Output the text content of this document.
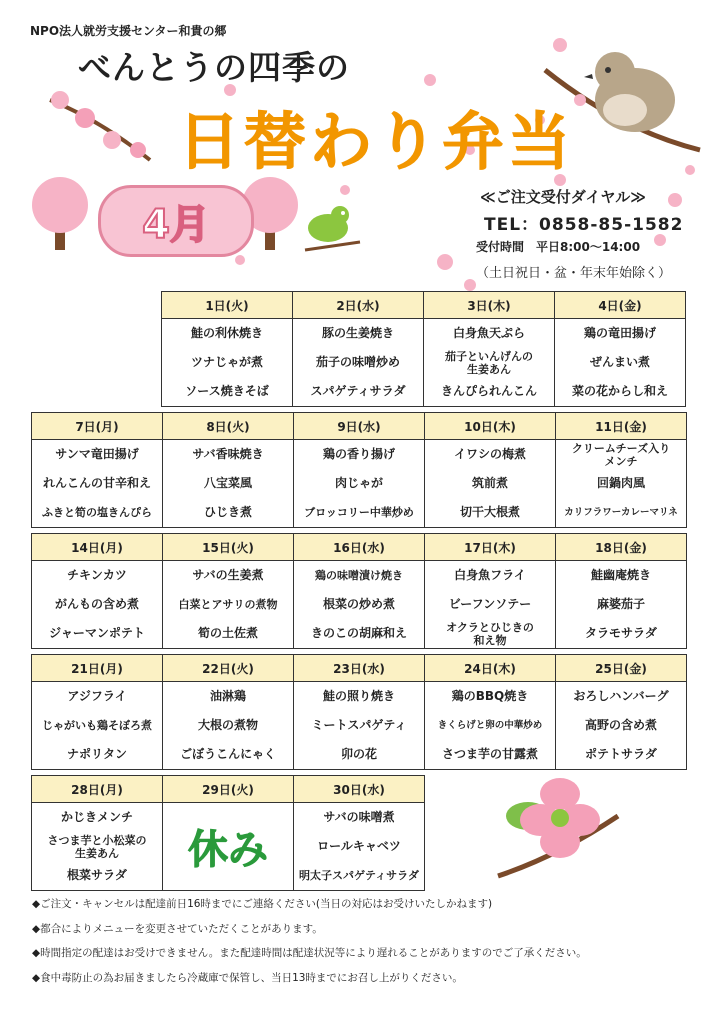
NPO法人就労支援センター和貴の郷
べんとうの四季の
日替わり弁当
4月
≪ご注文受付ダイヤル≫
TEL：0858-85-1582
受付時間　平日8:00〜14:00
（土日祝日・盆・年末年始除く）
1日(火)
鮭の利休焼き
ツナじゃが煮
ソース焼きそば
2日(水)
豚の生姜焼き
茄子の味噌炒め
スパゲティサラダ
3日(木)
白身魚天ぷら
茄子といんげんの
生姜あん
きんぴられんこん
4日(金)
鶏の竜田揚げ
ぜんまい煮
菜の花からし和え
7日(月)
サンマ竜田揚げ
れんこんの甘辛和え
ふきと筍の塩きんぴら
8日(火)
サバ香味焼き
八宝菜風
ひじき煮
9日(水)
鶏の香り揚げ
肉じゃが
ブロッコリー中華炒め
10日(木)
イワシの梅煮
筑前煮
切干大根煮
11日(金)
クリームチーズ入り
メンチ
回鍋肉風
カリフラワーカレーマリネ
14日(月)
チキンカツ
がんもの含め煮
ジャーマンポテト
15日(火)
サバの生姜煮
白菜とアサリの煮物
筍の土佐煮
16日(水)
鶏の味噌漬け焼き
根菜の炒め煮
きのこの胡麻和え
17日(木)
白身魚フライ
ビーフンソテー
オクラとひじきの
和え物
18日(金)
鮭幽庵焼き
麻婆茄子
タラモサラダ
21日(月)
アジフライ
じゃがいも鶏そぼろ煮
ナポリタン
22日(火)
油淋鶏
大根の煮物
ごぼうこんにゃく
23日(水)
鮭の照り焼き
ミートスパゲティ
卯の花
24日(木)
鶏のBBQ焼き
きくらげと卵の中華炒め
さつま芋の甘露煮
25日(金)
おろしハンバーグ
高野の含め煮
ポテトサラダ
28日(月)
かじきメンチ
さつま芋と小松菜の
生姜あん
根菜サラダ
29日(火)
休み
30日(水)
サバの味噌煮
ロールキャベツ
明太子スパゲティサラダ
◆ご注文・キャンセルは配達前日16時までにご連絡ください(当日の対応はお受けいたしかねます)
◆都合によりメニューを変更させていただくことがあります。
◆時間指定の配達はお受けできません。また配達時間は配達状況等により遅れることがありますのでご了承ください。
◆食中毒防止の為お届きましたら冷蔵庫で保管し、当日13時までにお召し上がりください。
